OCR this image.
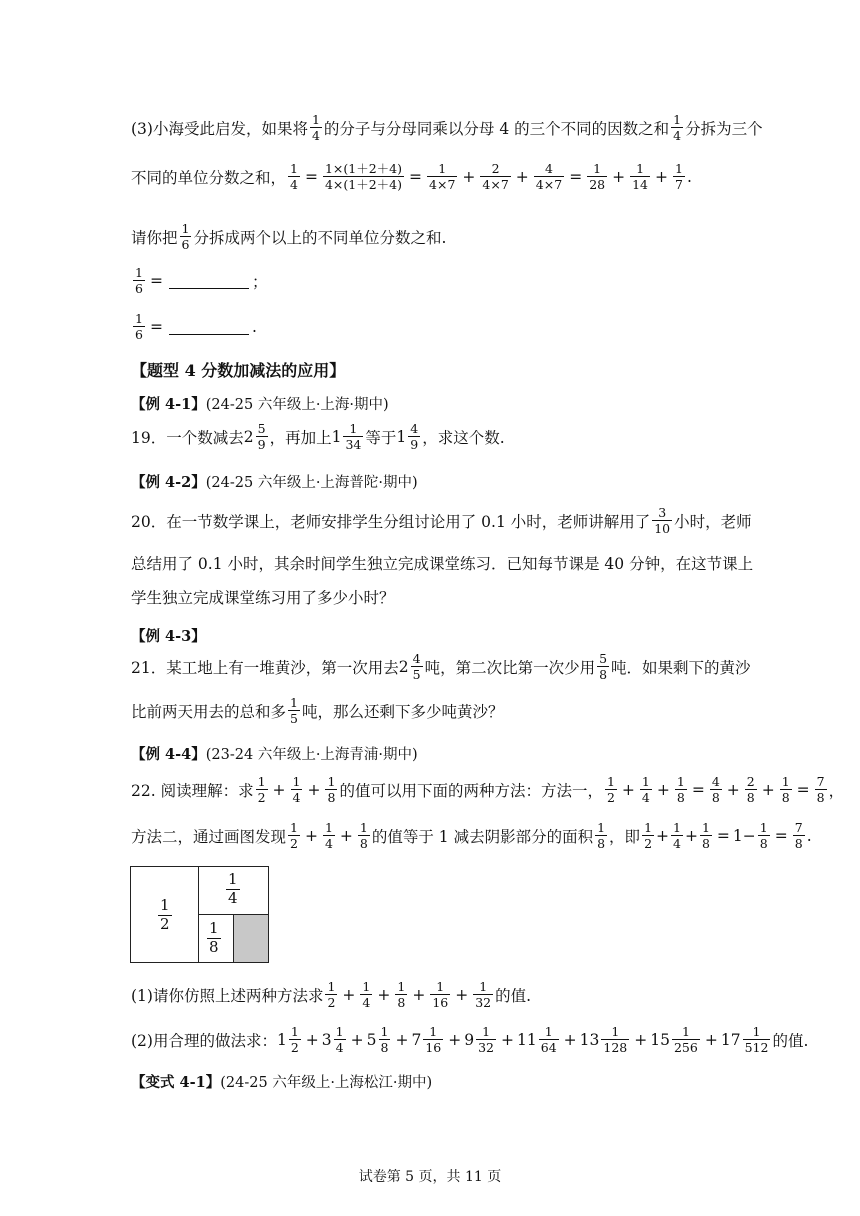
(3)小海受此启发，如果将 $\frac{1}{4}$ 的分子与分母同乘以分母 4 的三个不同的因数之和 $\frac{1}{4}$ 分拆为三个
不同的单位分数之和， $\frac{1}{4} = \frac{1\times(1+2+4)}{4\times(1+2+4)} = \frac{1}{4\times 7} + \frac{2}{4\times 7} + \frac{4}{4\times 7} = \frac{1}{28} + \frac{1}{14} + \frac{1}{7}$ .
请你把 $\frac{1}{6}$ 分拆成两个以上的不同单位分数之和.
$\frac{1}{6}$ =	；
$\frac{1}{6}$ =	.
【题型 4 分数加减法的应用】
【例 4-1】(24-25 六年级上·上海·期中)
19．一个数减去 $2 \frac{5}{9}$ ，再加上 $1 \frac{1}{34}$ 等于 $1 \frac{4}{9}$ ，求这个数.
【例 4-2】(24-25 六年级上·上海普陀·期中)
20．在一节数学课上，老师安排学生分组讨论用了 0.1 小时，老师讲解用了 $\frac{3}{10}$ 小时，老师
总结用了 0.1 小时，其余时间学生独立完成课堂练习．已知每节课是 40 分钟，在这节课上
学生独立完成课堂练习用了多少小时？
【例 4-3】
21．某工地上有一堆黄沙，第一次用去 $2 \frac{4}{5}$ 吨，第二次比第一次少用 $\frac{5}{8}$ 吨．如果剩下的黄沙
比前两天用去的总和多 $\frac{1}{5}$ 吨，那么还剩下多少吨黄沙？
【例 4-4】(23-24 六年级上·上海青浦·期中)
22. 阅读理解：求 $\frac{1}{2} + \frac{1}{4} + \frac{1}{8}$ 的值可以用下面的两种方法：方法一， $\frac{1}{2} + \frac{1}{4} + \frac{1}{8} = \frac{4}{8} + \frac{2}{8} + \frac{1}{8} = \frac{7}{8}$ ，
方法二，通过画图发现 $\frac{1}{2} + \frac{1}{4} + \frac{1}{8}$ 的值等于 1 减去阴影部分的面积 $\frac{1}{8}$ ，即 $\frac{1}{2} + \frac{1}{4} + \frac{1}{8} = 1- \frac{1}{8} = \frac{7}{8}$ .
$\frac{1}{2}$
$\frac{1}{4}$
$\frac{1}{8}$
(1)请你仿照上述两种方法求 $\frac{1}{2} + \frac{1}{4} + \frac{1}{8} + \frac{1}{16} + \frac{1}{32}$ 的值.
(2)用合理的做法求： $1 \frac{1}{2} + 3 \frac{1}{4} + 5 \frac{1}{8} + 7 \frac{1}{16} + 9 \frac{1}{32} + 11 \frac{1}{64} + 13 \frac{1}{128} + 15 \frac{1}{256} + 17 \frac{1}{512}$ 的值.
【变式 4-1】(24-25 六年级上·上海松江·期中)
试卷第 5 页，共 11 页
